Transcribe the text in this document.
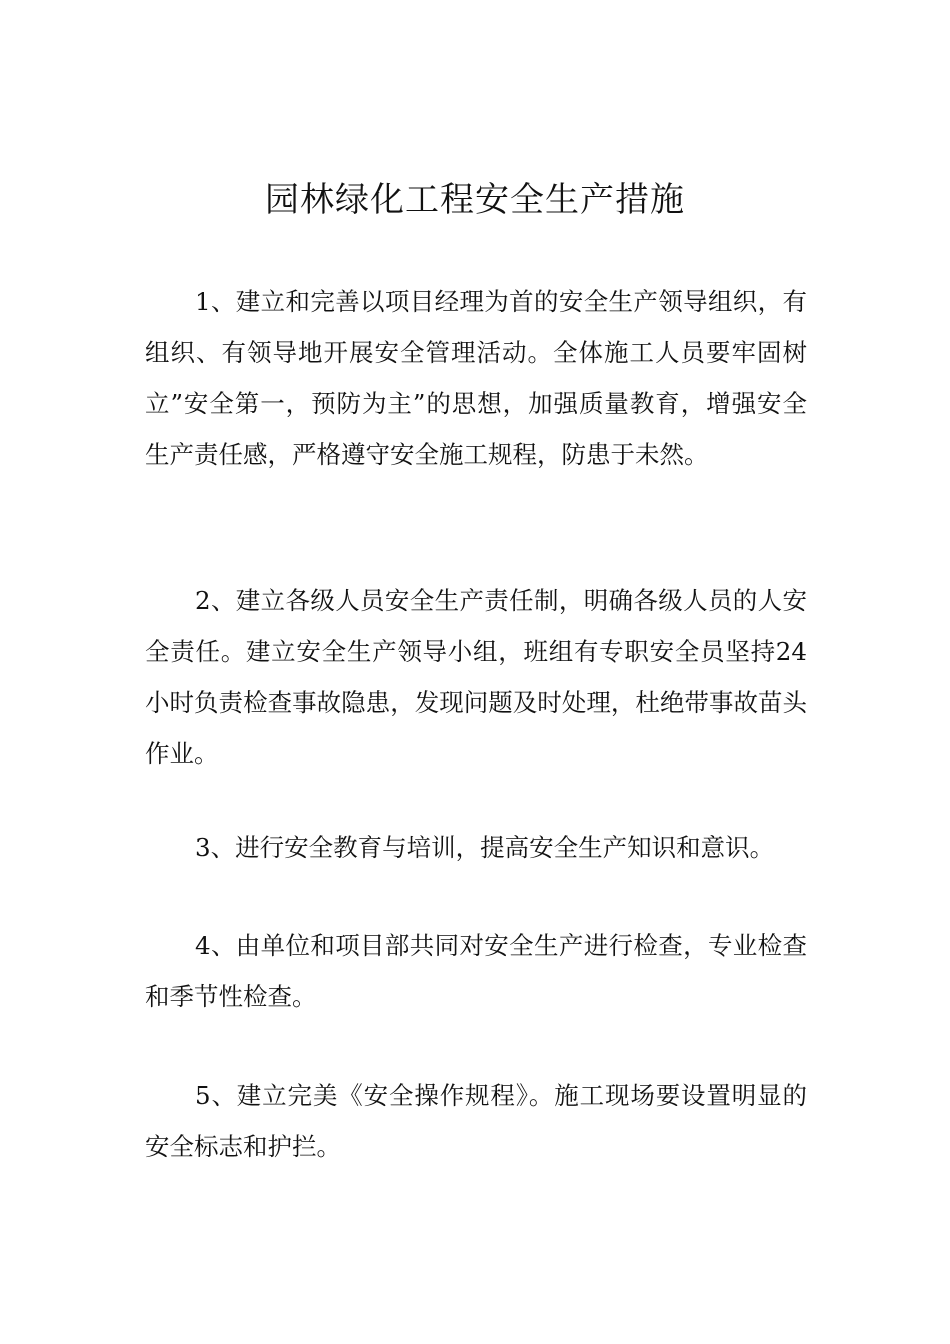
园林绿化工程安全生产措施

1、建立和完善以项目经理为首的安全生产领导组织，有组织、有领导地开展安全管理活动。全体施工人员要牢固树立”安全第一，预防为主”的思想，加强质量教育，增强安全生产责任感，严格遵守安全施工规程，防患于未然。

2、建立各级人员安全生产责任制，明确各级人员的人安全责任。建立安全生产领导小组，班组有专职安全员坚持24小时负责检查事故隐患，发现问题及时处理，杜绝带事故苗头作业。

3、进行安全教育与培训，提高安全生产知识和意识。

4、由单位和项目部共同对安全生产进行检查，专业检查和季节性检查。

5、建立完美《安全操作规程》。施工现场要设置明显的安全标志和护拦。
